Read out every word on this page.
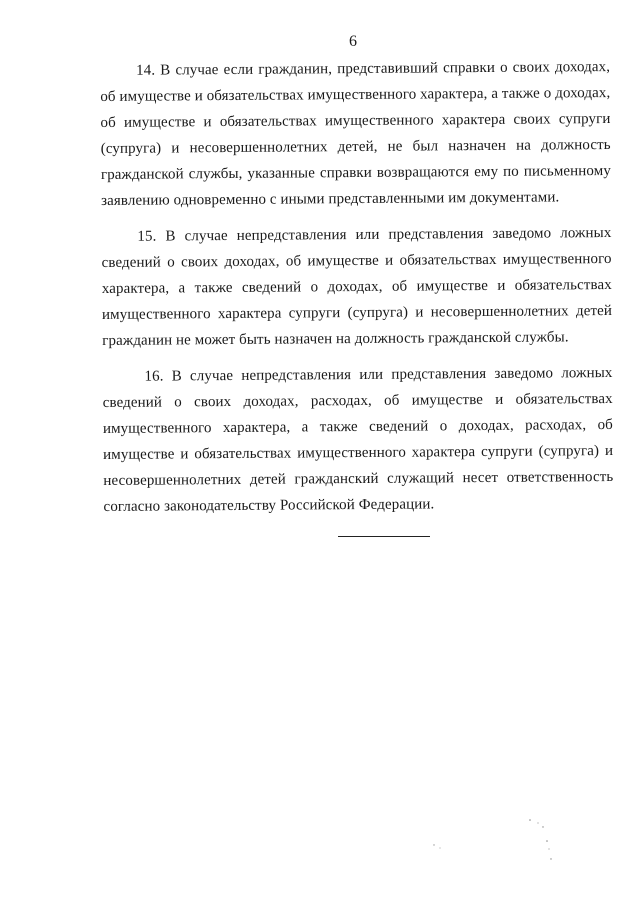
6

14. В случае если гражданин, представивший справки о своих доходах, об имуществе и обязательствах имущественного характера, а также о доходах, об имуществе и обязательствах имущественного характера своих супруги (супруга) и несовершеннолетних детей, не был назначен на должность гражданской службы, указанные справки возвращаются ему по письменному заявлению одновременно с иными представленными им документами.

15. В случае непредставления или представления заведомо ложных сведений о своих доходах, об имуществе и обязательствах имущественного характера, а также сведений о доходах, об имуществе и обязательствах имущественного характера супруги (супруга) и несовершеннолетних детей гражданин не может быть назначен на должность гражданской службы.

16. В случае непредставления или представления заведомо ложных сведений о своих доходах, расходах, об имуществе и обязательствах имущественного характера, а также сведений о доходах, расходах, об имуществе и обязательствах имущественного характера супруги (супруга) и несовершеннолетних детей гражданский служащий несет ответственность согласно законодательству Российской Федерации.
